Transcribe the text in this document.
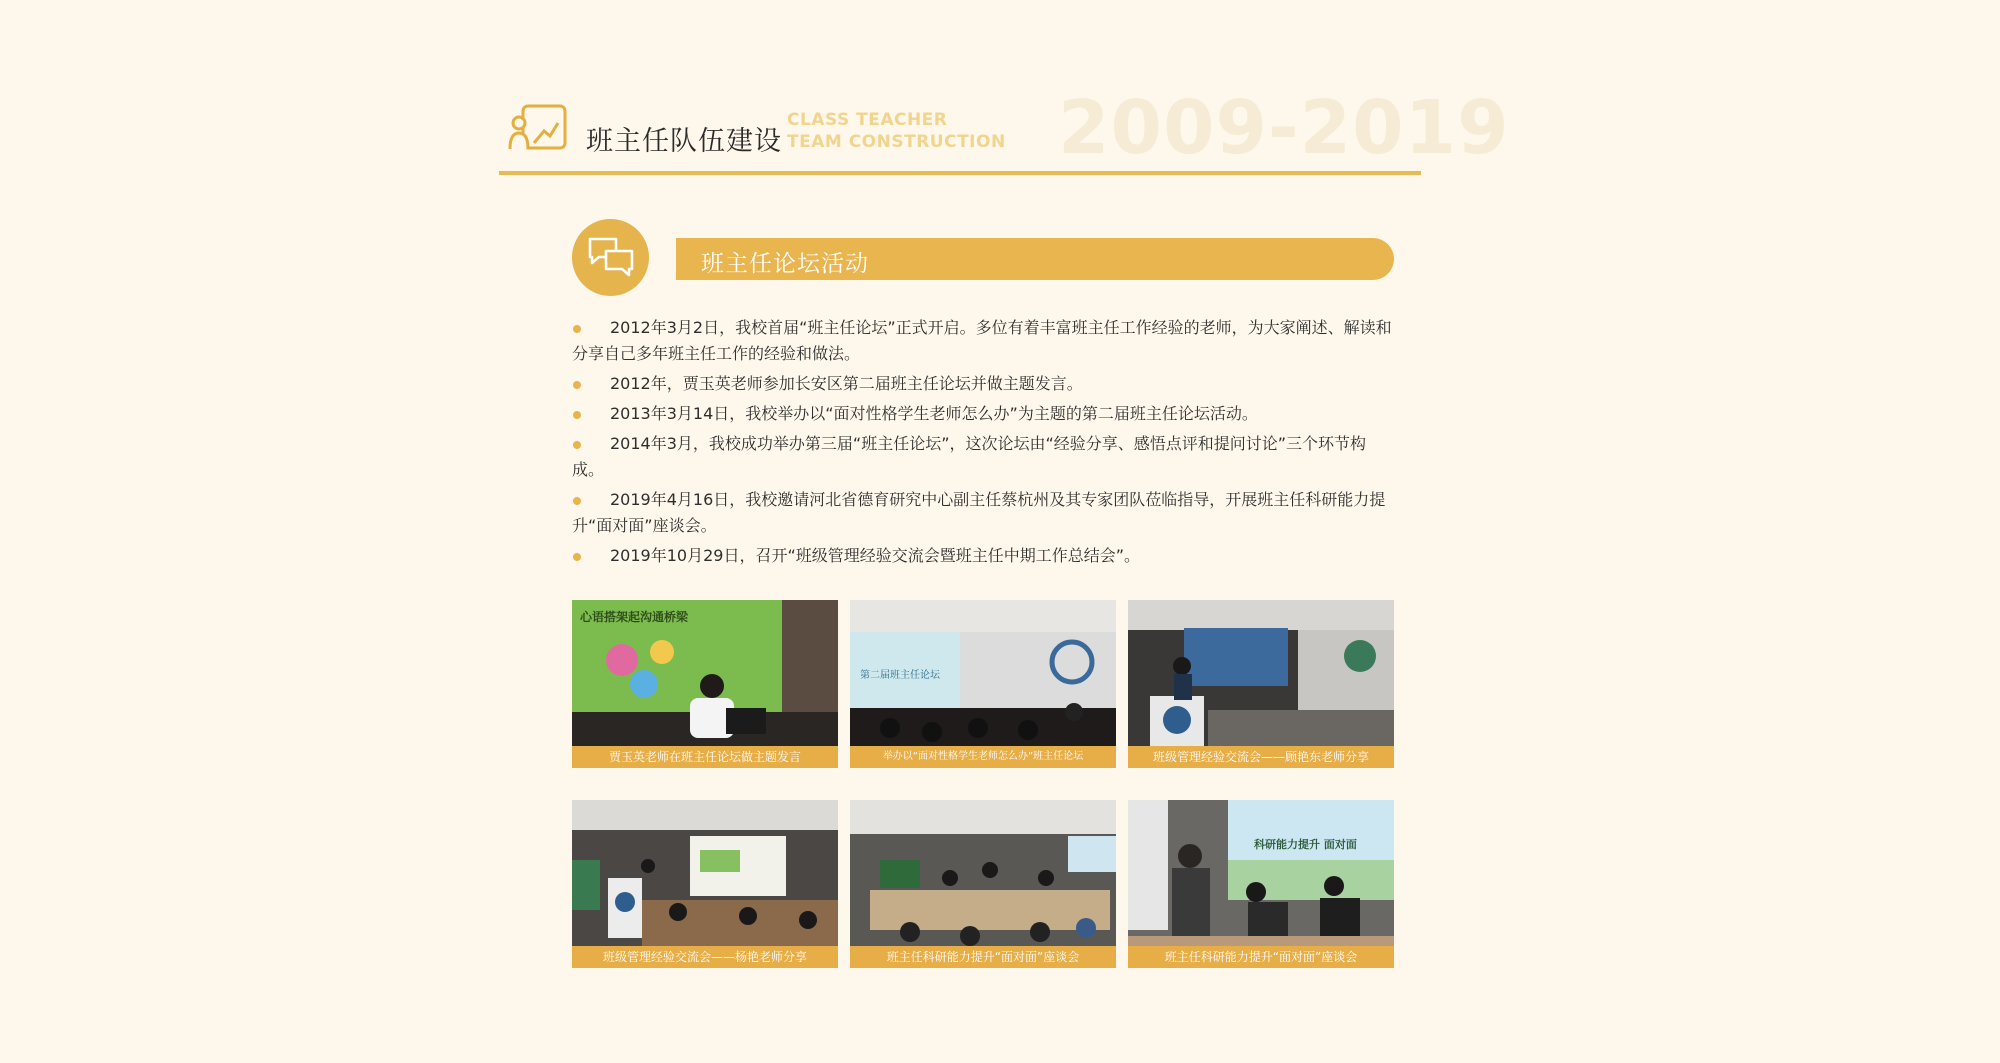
班主任队伍建设
CLASS TEACHER
TEAM CONSTRUCTION 2009-2019
班主任论坛活动
2012年3月2日，我校首届“班主任论坛”正式开启。多位有着丰富班主任工作经验的老师，为大家阐述、解读和分享自己多年班主任工作的经验和做法。
2012年，贾玉英老师参加长安区第二届班主任论坛并做主题发言。
2013年3月14日，我校举办以“面对性格学生老师怎么办”为主题的第二届班主任论坛活动。
2014年3月，我校成功举办第三届“班主任论坛”，这次论坛由“经验分享、感悟点评和提问讨论”三个环节构成。
2019年4月16日，我校邀请河北省德育研究中心副主任蔡杭州及其专家团队莅临指导，开展班主任科研能力提升“面对面”座谈会。
2019年10月29日，召开“班级管理经验交流会暨班主任中期工作总结会”。
心语搭架起沟通桥梁
贾玉英老师在班主任论坛做主题发言
第二届班主任论坛
举办以“面对性格学生老师怎么办”班主任论坛	班级管理经验交流会——顾艳东老师分享
班级管理经验交流会——杨艳老师分享	班主任科研能力提升“面对面”座谈会
科研能力提升 面对面
班主任科研能力提升“面对面”座谈会
